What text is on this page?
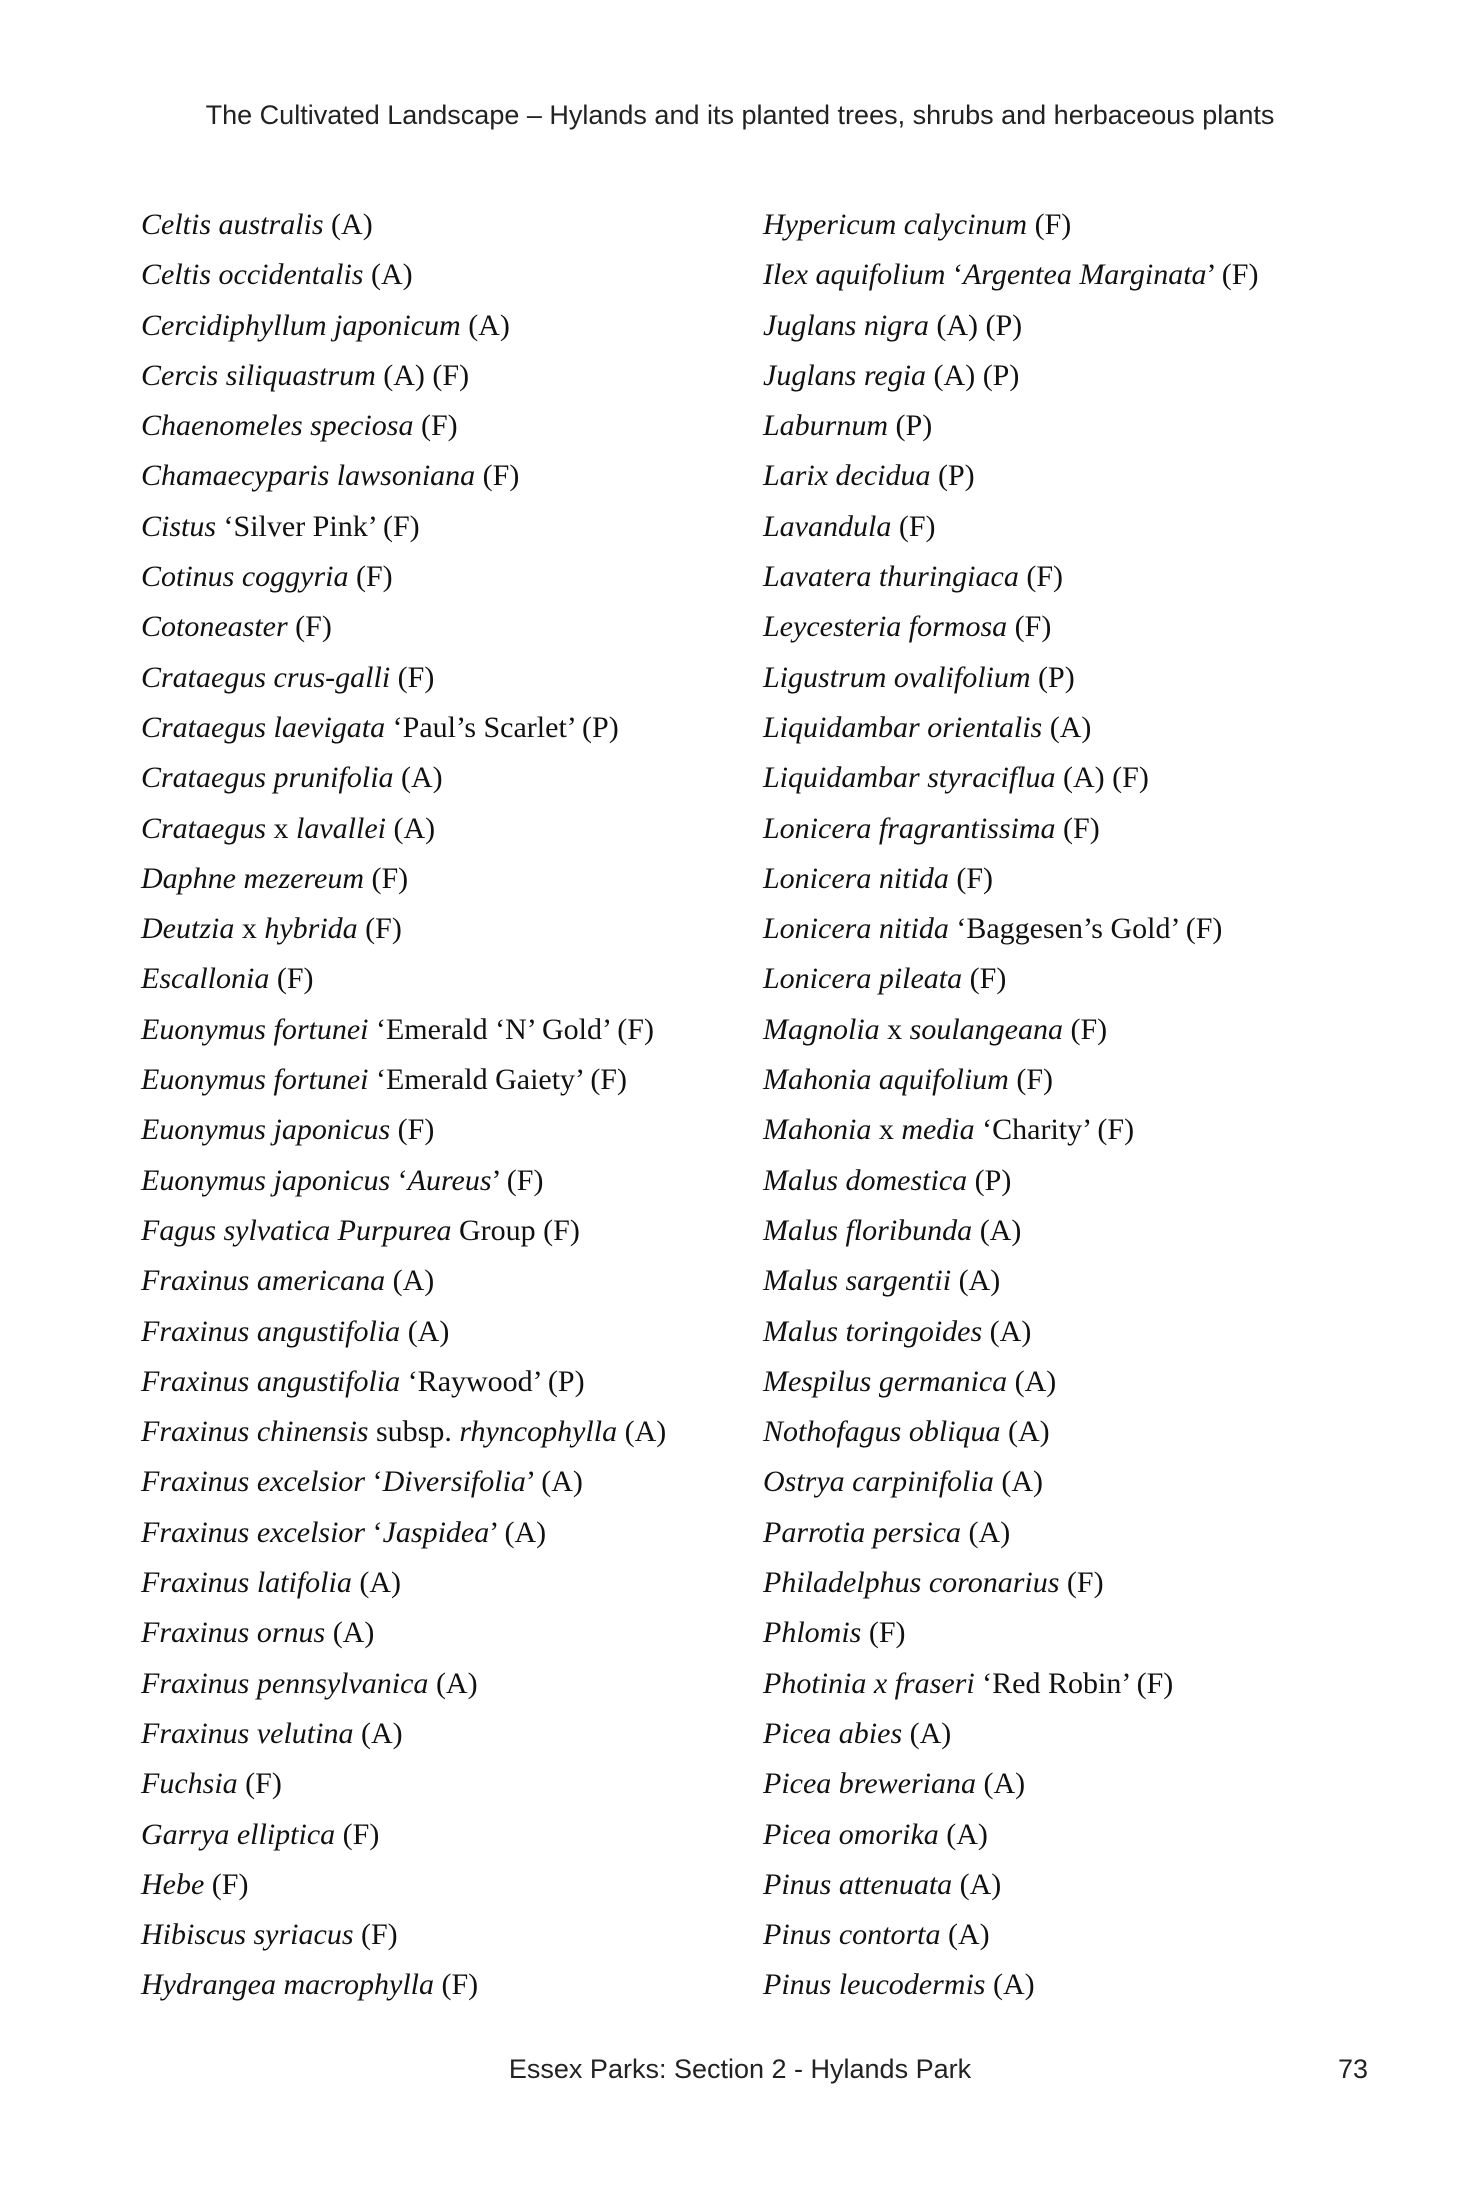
The Cultivated Landscape – Hylands and its planted trees, shrubs and herbaceous plants
Celtis australis (A)
Celtis occidentalis (A)
Cercidiphyllum japonicum (A)
Cercis siliquastrum (A) (F)
Chaenomeles speciosa (F)
Chamaecyparis lawsoniana (F)
Cistus ‘Silver Pink’ (F)
Cotinus coggyria (F)
Cotoneaster (F)
Crataegus crus-galli (F)
Crataegus laevigata ‘Paul’s Scarlet’ (P)
Crataegus prunifolia (A)
Crataegus x lavallei (A)
Daphne mezereum (F)
Deutzia x hybrida (F)
Escallonia (F)
Euonymus fortunei ‘Emerald ‘N’ Gold’ (F)
Euonymus fortunei ‘Emerald Gaiety’ (F)
Euonymus japonicus (F)
Euonymus japonicus ‘Aureus’ (F)
Fagus sylvatica Purpurea Group (F)
Fraxinus americana (A)
Fraxinus angustifolia (A)
Fraxinus angustifolia ‘Raywood’ (P)
Fraxinus chinensis subsp. rhyncophylla (A)
Fraxinus excelsior ‘Diversifolia’ (A)
Fraxinus excelsior ‘Jaspidea’ (A)
Fraxinus latifolia (A)
Fraxinus ornus (A)
Fraxinus pennsylvanica (A)
Fraxinus velutina (A)
Fuchsia (F)
Garrya elliptica (F)
Hebe (F)
Hibiscus syriacus (F)
Hydrangea macrophylla (F)
Hypericum calycinum (F)
Ilex aquifolium ‘Argentea Marginata’ (F)
Juglans nigra (A) (P)
Juglans regia (A) (P)
Laburnum (P)
Larix decidua (P)
Lavandula (F)
Lavatera thuringiaca (F)
Leycesteria formosa (F)
Ligustrum ovalifolium (P)
Liquidambar orientalis (A)
Liquidambar styraciflua (A) (F)
Lonicera fragrantissima (F)
Lonicera nitida (F)
Lonicera nitida ‘Baggesen’s Gold’ (F)
Lonicera pileata (F)
Magnolia x soulangeana (F)
Mahonia aquifolium (F)
Mahonia x media ‘Charity’ (F)
Malus domestica (P)
Malus floribunda (A)
Malus sargentii (A)
Malus toringoides (A)
Mespilus germanica (A)
Nothofagus obliqua (A)
Ostrya carpinifolia (A)
Parrotia persica (A)
Philadelphus coronarius (F)
Phlomis (F)
Photinia x fraseri ‘Red Robin’ (F)
Picea abies (A)
Picea breweriana (A)
Picea omorika (A)
Pinus attenuata (A)
Pinus contorta (A)
Pinus leucodermis (A)
Essex Parks: Section 2 - Hylands Park	73
